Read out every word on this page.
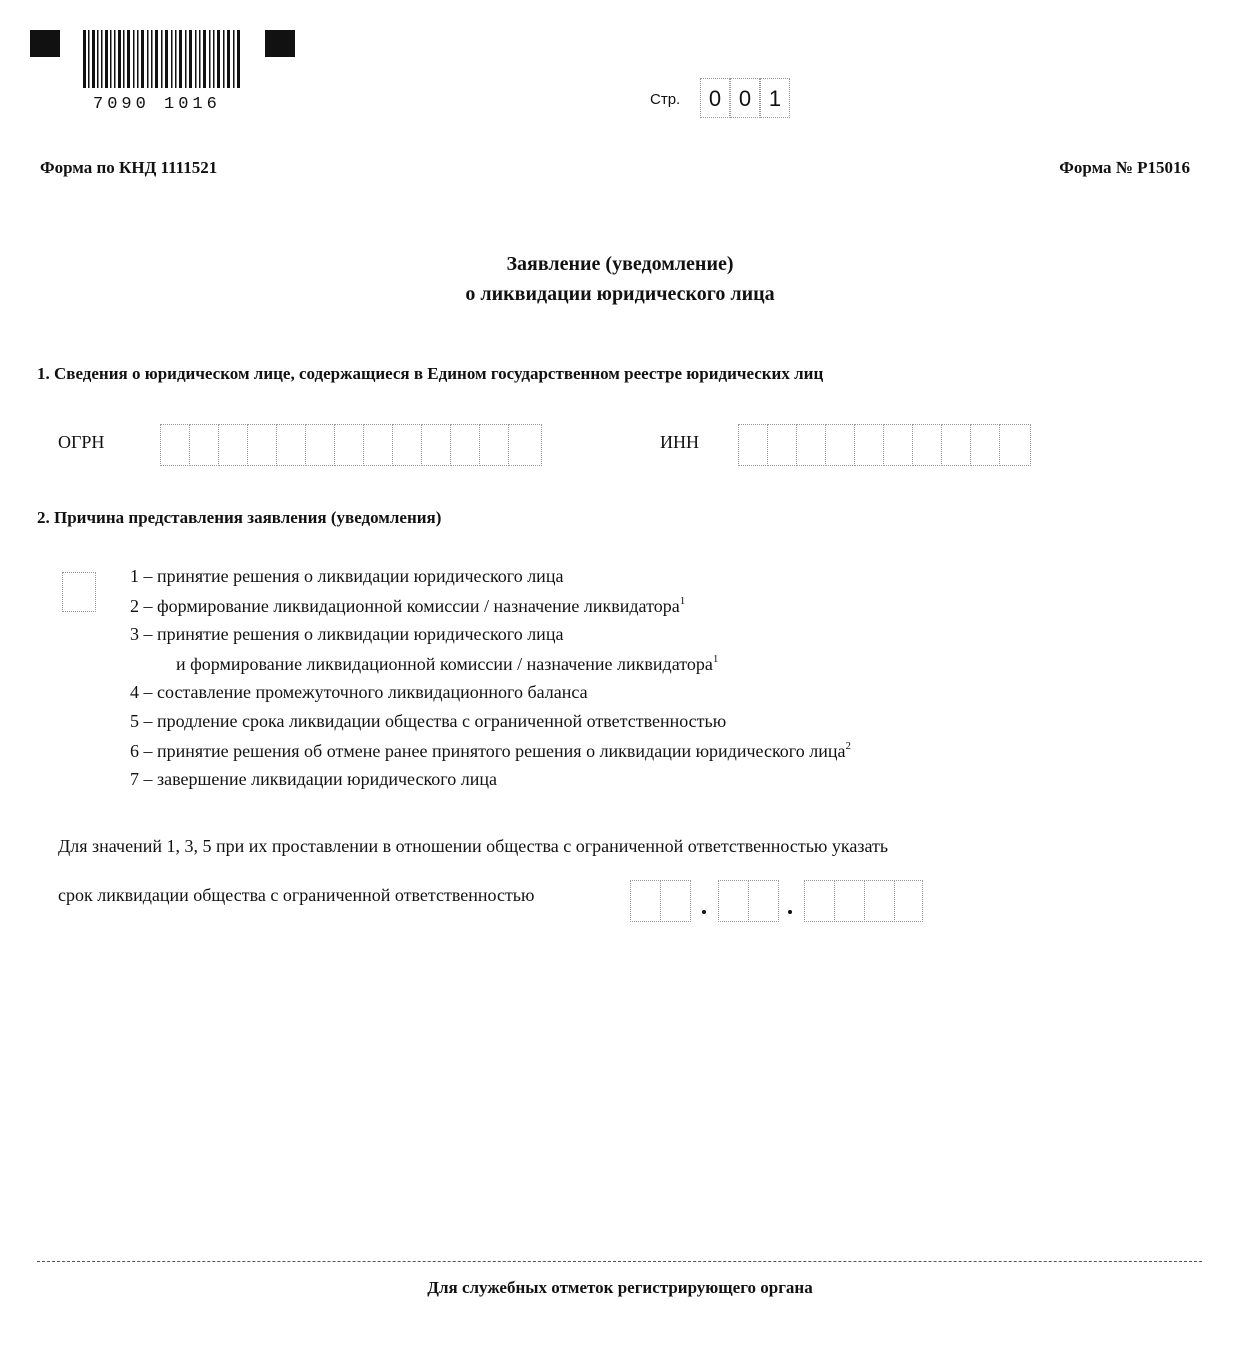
7090 1016	Стр.	0 0 1
Форма по КНД 1111521	Форма № Р15016
Заявление (уведомление)
о ликвидации юридического лица
1. Сведения о юридическом лице, содержащиеся в Едином государственном реестре юридических лиц
ОГРН	ИНН
2. Причина представления заявления (уведомления)
1 – принятие решения о ликвидации юридического лица
2 – формирование ликвидационной комиссии / назначение ликвидатора$^1$
3 – принятие решения о ликвидации юридического лица
и формирование ликвидационной комиссии / назначение ликвидатора$^1$
4 – составление промежуточного ликвидационного баланса
5 – продление срока ликвидации общества с ограниченной ответственностью
6 – принятие решения об отмене ранее принятого решения о ликвидации юридического лица$^2$
7 – завершение ликвидации юридического лица
Для значений 1, 3, 5 при их проставлении в отношении общества с ограниченной ответственностью указать
срок ликвидации общества с ограниченной ответственностью
Для служебных отметок регистрирующего органа
